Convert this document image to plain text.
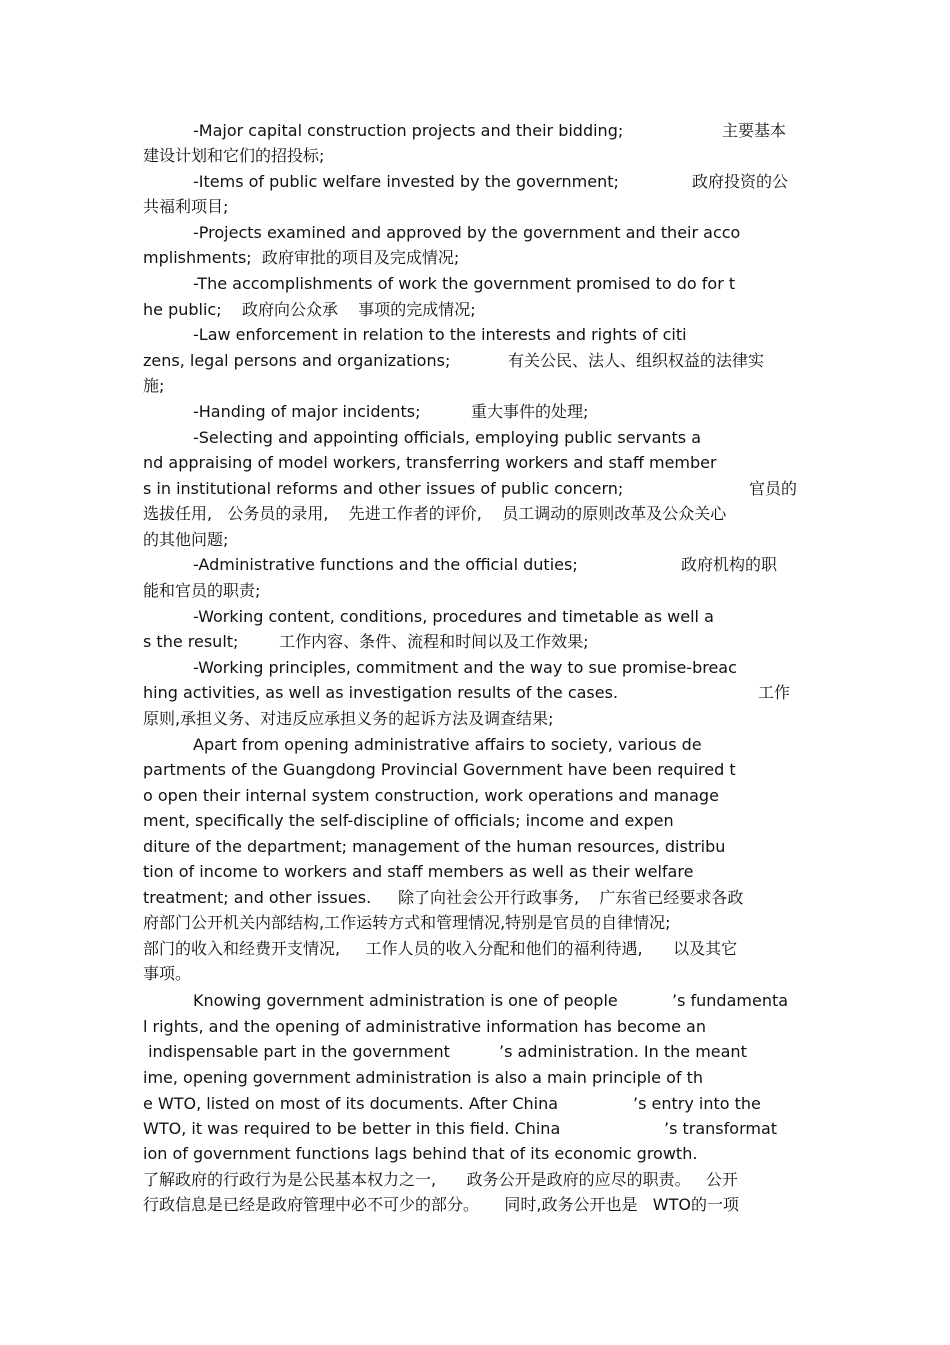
-Major capital construction projects and their bidding;	主要基本
建设计划和它们的招投标;
-Items of public welfare invested by the government;	政府投资的公
共福利项目;
-Projects examined and approved by the government and their acco
mplishments;  政府审批的项目及完成情况;
-The accomplishments of work the government promised to do for t
he public;    政府向公众承    事项的完成情况;
-Law enforcement in relation to the interests and rights of citi
zens, legal persons and organizations;	有关公民、法人、组织权益的法律实
施;
-Handing of major incidents;	重大事件的处理;
-Selecting and appointing officials, employing public servants a
nd appraising of model workers, transferring workers and staff member
s in institutional reforms and other issues of public concern;	官员的
选拔任用,   公务员的录用,    先进工作者的评价,    员工调动的原则改革及公众关心
的其他问题;
-Administrative functions and the official duties;	政府机构的职
能和官员的职责;
-Working content, conditions, procedures and timetable as well a
s the result;        工作内容、条件、流程和时间以及工作效果;
-Working principles, commitment and the way to sue promise-breac
hing activities, as well as investigation results of the cases.	工作
原则,承担义务、对违反应承担义务的起诉方法及调查结果;
Apart from opening administrative affairs to society, various de
partments of the Guangdong Provincial Government have been required t
o open their internal system construction, work operations and manage
ment, specifically the self-discipline of officials; income and expen
diture of the department; management of the human resources, distribu
tion of income to workers and staff members as well as their welfare
treatment; and other issues. 除了向社会公开行政事务,    广东省已经要求各政
府部门公开机关内部结构,工作运转方式和管理情况,特别是官员的自律情况;
部门的收入和经费开支情况,     工作人员的收入分配和他们的福利待遇,      以及其它
事项。
Knowing government administration is one of people	’s fundamenta
l rights, and the opening of administrative information has become an
indispensable part in the government	’s administration. In the meant
ime, opening government administration is also a main principle of th
e WTO, listed on most of its documents. After China	’s entry into the
WTO, it was required to be better in this field. China	’s transformat
ion of government functions lags behind that of its economic growth.
了解政府的行政行为是公民基本权力之一,      政务公开是政府的应尽的职责。   公开
行政信息是已经是政府管理中必不可少的部分。     同时,政务公开也是   WTO的一项
